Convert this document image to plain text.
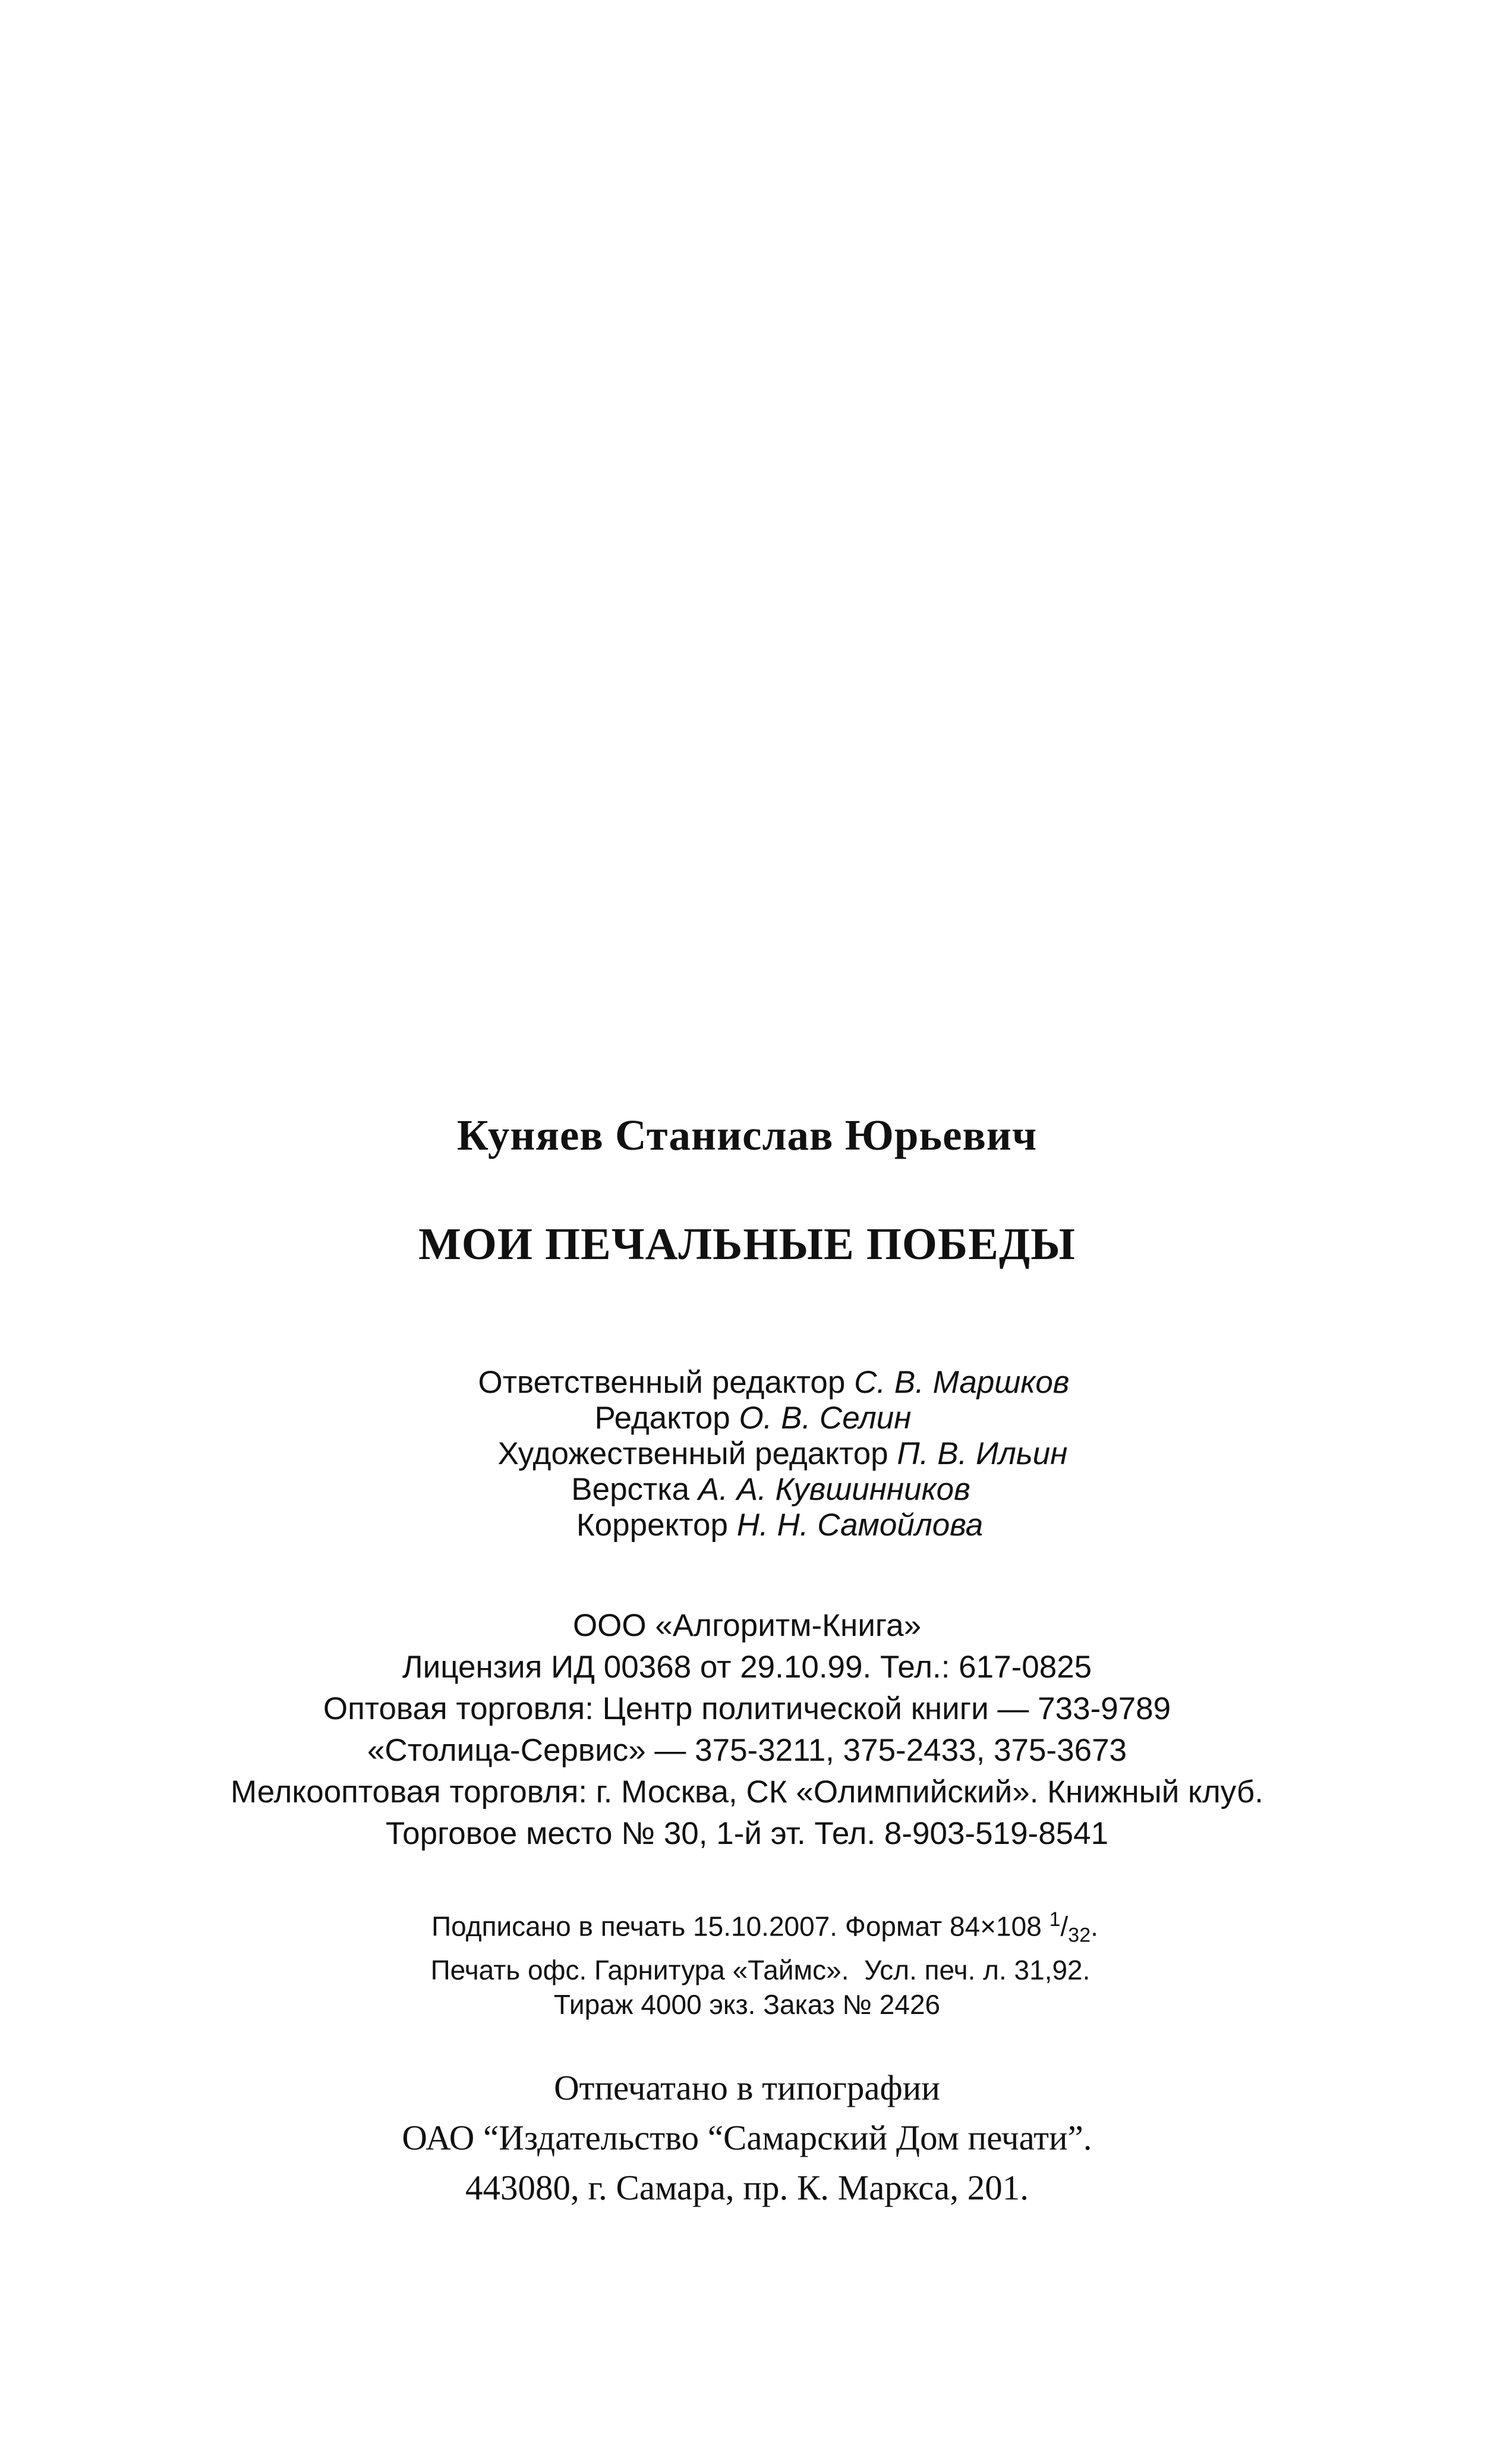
Куняев Станислав Юрьевич
МОИ ПЕЧАЛЬНЫЕ ПОБЕДЫ
Ответственный редактор С. В. Маршков
Редактор О. В. Селин
Художественный редактор П. В. Ильин
Верстка А. А. Кувшинников
Корректор Н. Н. Самойлова
ООО «Алгоритм-Книга»
Лицензия ИД 00368 от 29.10.99. Тел.: 617-0825
Оптовая торговля: Центр политической книги — 733-9789
«Столица-Сервис» — 375-3211, 375-2433, 375-3673
Мелкооптовая торговля: г. Москва, СК «Олимпийский». Книжный клуб.
Торговое место № 30, 1-й эт. Тел. 8-903-519-8541
Подписано в печать 15.10.2007. Формат 84×108 $^1/_{32}$.
Печать офс. Гарнитура «Таймс».  Усл. печ. л. 31,92.
Тираж 4000 экз. Заказ № 2426
Отпечатано в типографии
ОАО “Издательство “Самарский Дом печати”.
443080, г. Самара, пр. К. Маркса, 201.
